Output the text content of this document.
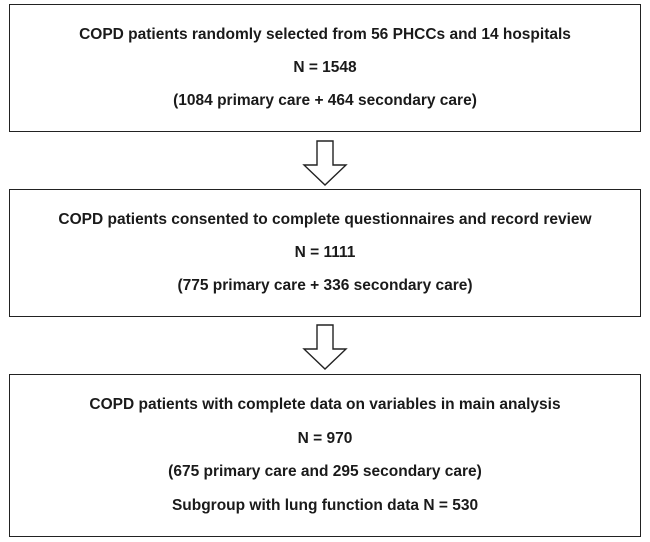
COPD patients randomly selected from 56 PHCCs and 14 hospitals
N = 1548
(1084 primary care + 464 secondary care)
COPD patients consented to complete questionnaires and record review
N = 1111
(775 primary care + 336 secondary care)
COPD patients with complete data on variables in main analysis
N = 970
(675 primary care and 295 secondary care)
Subgroup with lung function data N = 530
